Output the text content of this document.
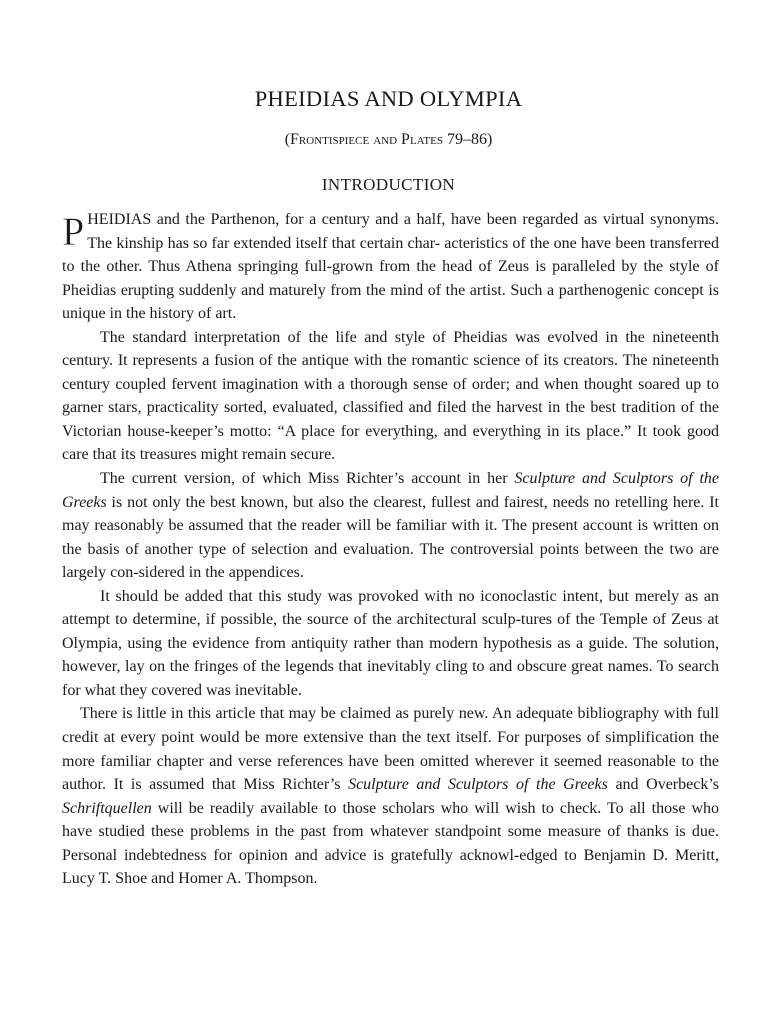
PHEIDIAS AND OLYMPIA
(Frontispiece and Plates 79–86)
INTRODUCTION

PHEIDIAS and the Parthenon, for a century and a half, have been regarded as virtual synonyms. The kinship has so far extended itself that certain char- acteristics of the one have been transferred to the other. Thus Athena springing full-grown from the head of Zeus is paralleled by the style of Pheidias erupting suddenly and maturely from the mind of the artist. Such a parthenogenic concept is unique in the history of art.

The standard interpretation of the life and style of Pheidias was evolved in the nineteenth century. It represents a fusion of the antique with the romantic science of its creators. The nineteenth century coupled fervent imagination with a thorough sense of order; and when thought soared up to garner stars, practicality sorted, evaluated, classified and filed the harvest in the best tradition of the Victorian house-keeper’s motto: “A place for everything, and everything in its place.” It took good care that its treasures might remain secure.

The current version, of which Miss Richter’s account in her Sculpture and Sculptors of the Greeks is not only the best known, but also the clearest, fullest and fairest, needs no retelling here. It may reasonably be assumed that the reader will be familiar with it. The present account is written on the basis of another type of selection and evaluation. The controversial points between the two are largely con-sidered in the appendices.

It should be added that this study was provoked with no iconoclastic intent, but merely as an attempt to determine, if possible, the source of the architectural sculp-tures of the Temple of Zeus at Olympia, using the evidence from antiquity rather than modern hypothesis as a guide. The solution, however, lay on the fringes of the legends that inevitably cling to and obscure great names. To search for what they covered was inevitable.

There is little in this article that may be claimed as purely new. An adequate bibliography with full credit at every point would be more extensive than the text itself. For purposes of simplification the more familiar chapter and verse references have been omitted wherever it seemed reasonable to the author. It is assumed that Miss Richter’s Sculpture and Sculptors of the Greeks and Overbeck’s Schriftquellen will be readily available to those scholars who will wish to check. To all those who have studied these problems in the past from whatever standpoint some measure of thanks is due. Personal indebtedness for opinion and advice is gratefully acknowl-edged to Benjamin D. Meritt, Lucy T. Shoe and Homer A. Thompson.
